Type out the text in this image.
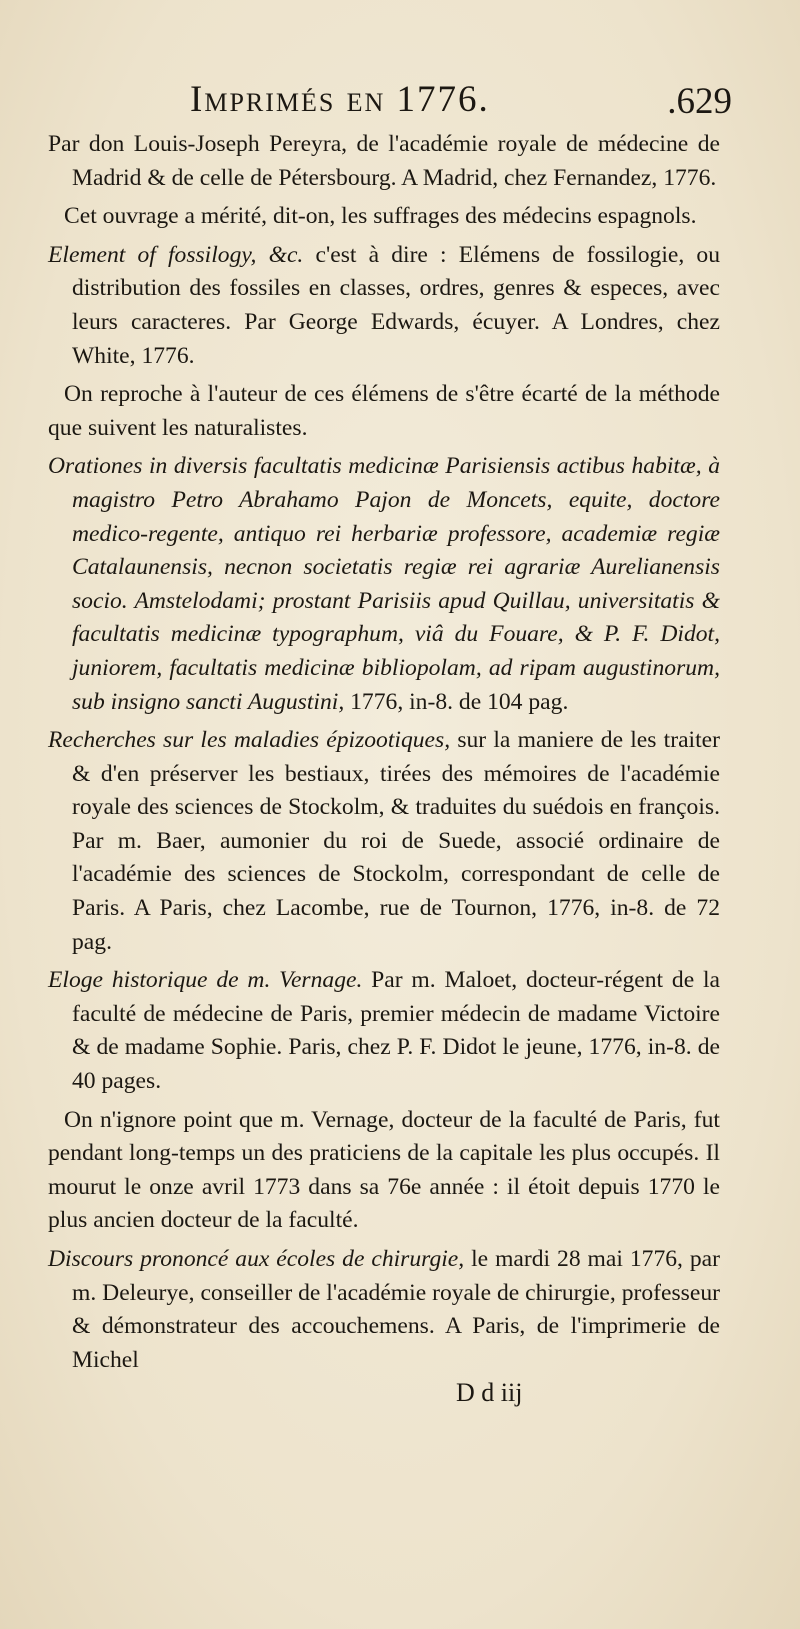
Imprimés en 1776.	.629

Par don Louis-Joseph Pereyra, de l'académie royale de médecine de Madrid & de celle de Pétersbourg. A Madrid, chez Fernandez, 1776.

Cet ouvrage a mérité, dit-on, les suffrages des médecins espagnols.

Element of fossilogy, &c. c'est à dire : Elémens de fossilogie, ou distribution des fossiles en classes, ordres, genres & especes, avec leurs caracteres. Par George Edwards, écuyer. A Londres, chez White, 1776.

On reproche à l'auteur de ces élémens de s'être écarté de la méthode que suivent les naturalistes.

Orationes in diversis facultatis medicinæ Parisiensis actibus habitæ, à magistro Petro Abrahamo Pajon de Moncets, equite, doctore medico-regente, antiquo rei herbariæ professore, academiæ regiæ Catalaunensis, necnon societatis regiæ rei agrariæ Aurelianensis socio. Amstelodami; prostant Parisiis apud Quillau, universitatis & facultatis medicinæ typographum, viâ du Fouare, & P. F. Didot, juniorem, facultatis medicinæ bibliopolam, ad ripam augustinorum, sub insigno sancti Augustini, 1776, in-8. de 104 pag.

Recherches sur les maladies épizootiques, sur la maniere de les traiter & d'en préserver les bestiaux, tirées des mémoires de l'académie royale des sciences de Stockolm, & traduites du suédois en françois. Par m. Baer, aumonier du roi de Suede, associé ordinaire de l'académie des sciences de Stockolm, correspondant de celle de Paris. A Paris, chez Lacombe, rue de Tournon, 1776, in-8. de 72 pag.

Eloge historique de m. Vernage. Par m. Maloet, docteur-régent de la faculté de médecine de Paris, premier médecin de madame Victoire & de madame Sophie. Paris, chez P. F. Didot le jeune, 1776, in-8. de 40 pages.

On n'ignore point que m. Vernage, docteur de la faculté de Paris, fut pendant long-temps un des praticiens de la capitale les plus occupés. Il mourut le onze avril 1773 dans sa 76e année : il étoit depuis 1770 le plus ancien docteur de la faculté.

Discours prononcé aux écoles de chirurgie, le mardi 28 mai 1776, par m. Deleurye, conseiller de l'académie royale de chirurgie, professeur & démonstrateur des accouchemens. A Paris, de l'imprimerie de Michel

D d iij
